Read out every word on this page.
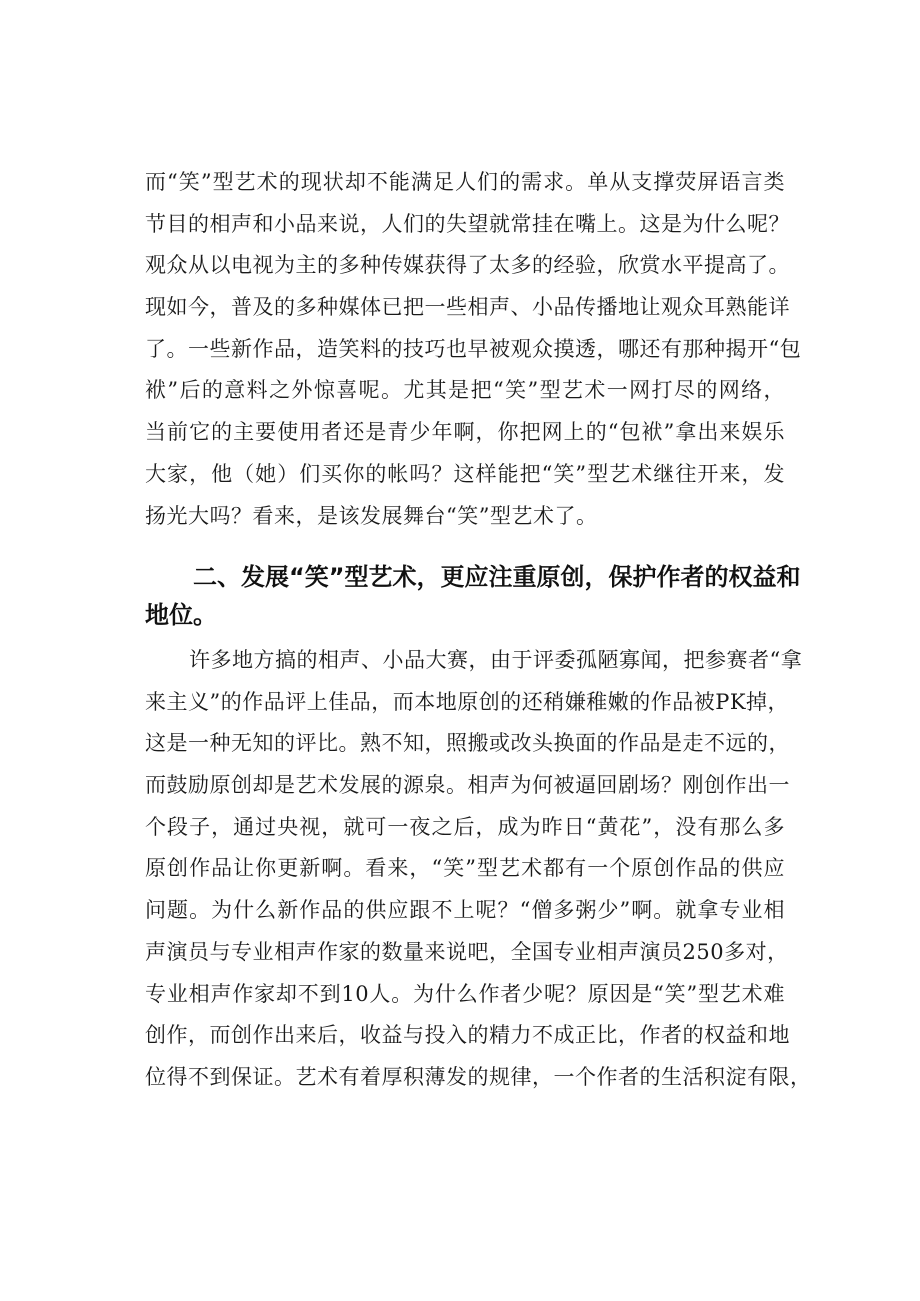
而“笑”型艺术的现状却不能满足人们的需求。单从支撑荧屏语言类
节目的相声和小品来说，人们的失望就常挂在嘴上。这是为什么呢？
观众从以电视为主的多种传媒获得了太多的经验，欣赏水平提高了。
现如今，普及的多种媒体已把一些相声、小品传播地让观众耳熟能详
了。一些新作品，造笑料的技巧也早被观众摸透，哪还有那种揭开“包
袱”后的意料之外惊喜呢。尤其是把“笑”型艺术一网打尽的网络，
当前它的主要使用者还是青少年啊，你把网上的“包袱”拿出来娱乐
大家，他（她）们买你的帐吗？这样能把“笑”型艺术继往开来，发
扬光大吗？看来，是该发展舞台“笑”型艺术了。
二、发展“笑”型艺术，更应注重原创，保护作者的权益和
地位。
许多地方搞的相声、小品大赛，由于评委孤陋寡闻，把参赛者“拿
来主义”的作品评上佳品，而本地原创的还稍嫌稚嫩的作品被PK掉，
这是一种无知的评比。熟不知，照搬或改头换面的作品是走不远的，
而鼓励原创却是艺术发展的源泉。相声为何被逼回剧场？刚创作出一
个段子，通过央视，就可一夜之后，成为昨日“黄花”，没有那么多
原创作品让你更新啊。看来，“笑”型艺术都有一个原创作品的供应
问题。为什么新作品的供应跟不上呢？“僧多粥少”啊。就拿专业相
声演员与专业相声作家的数量来说吧，全国专业相声演员250多对，
专业相声作家却不到10人。为什么作者少呢？原因是“笑”型艺术难
创作，而创作出来后，收益与投入的精力不成正比，作者的权益和地
位得不到保证。艺术有着厚积薄发的规律，一个作者的生活积淀有限，
